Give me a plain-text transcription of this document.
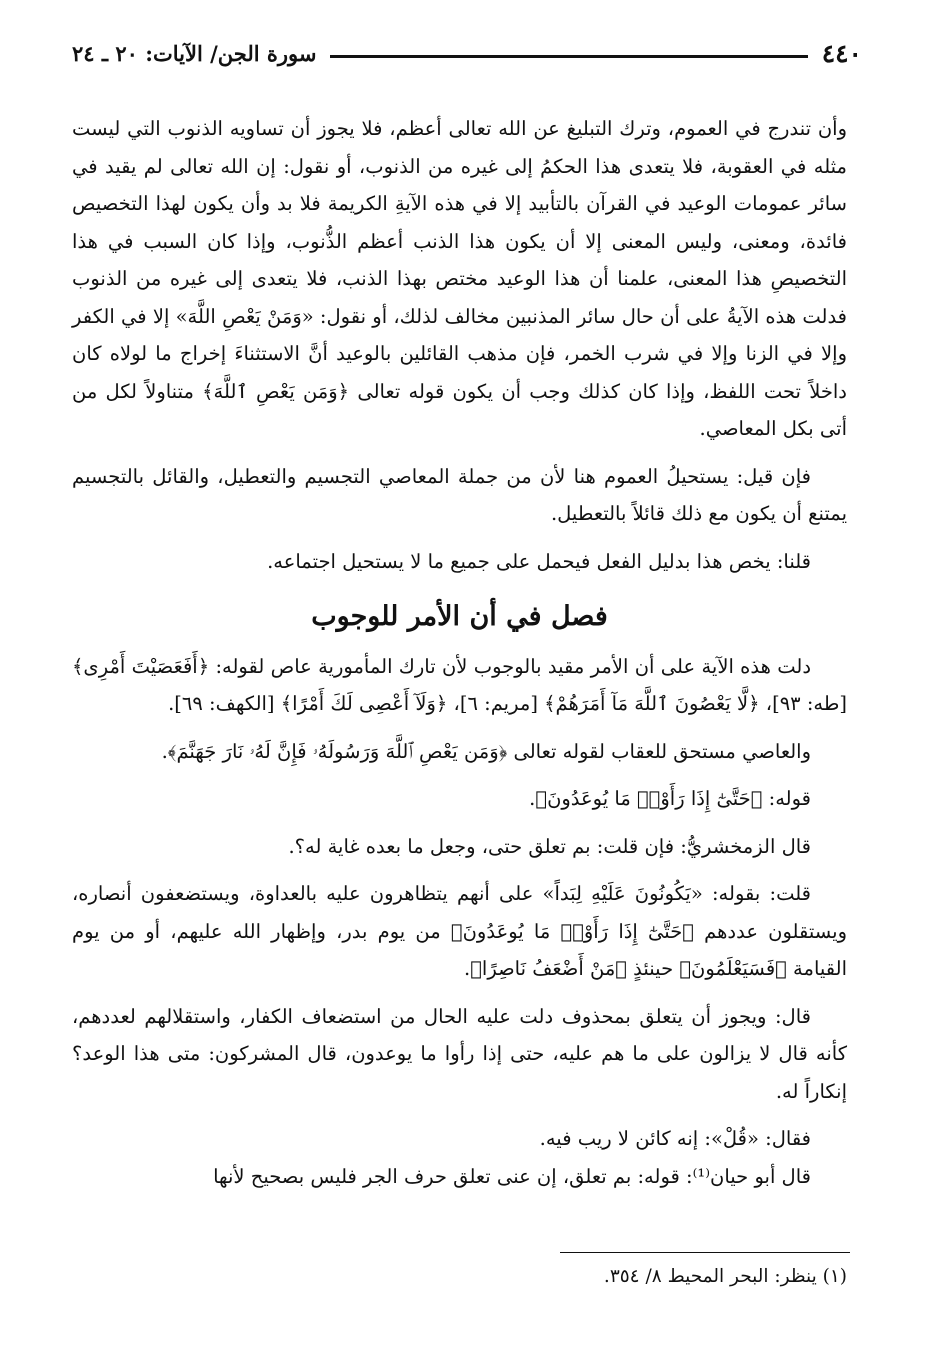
٤٤٠
سورة الجن/ الآيات: ٢٠ ـ ٢٤

وأن تندرج في العموم، وترك التبليغ عن الله تعالى أعظم، فلا يجوز أن تساويه الذنوب التي ليست مثله في العقوبة، فلا يتعدى هذا الحكمُ إلى غيره من الذنوب، أو نقول: إن الله تعالى لم يقيد في سائر عمومات الوعيد في القرآن بالتأبيد إلا في هذه الآيةِ الكريمة فلا بد وأن يكون لهذا التخصيص فائدة، ومعنى، وليس المعنى إلا أن يكون هذا الذنب أعظم الذُّنوب، وإذا كان السبب في هذا التخصيصِ هذا المعنى، علمنا أن هذا الوعيد مختص بهذا الذنب، فلا يتعدى إلى غيره من الذنوب فدلت هذه الآيةُ على أن حال سائر المذنبين مخالف لذلك، أو نقول: «وَمَنْ يَعْصِ اللَّهَ» إلا في الكفر وإلا في الزنا وإلا في شرب الخمر، فإن مذهب القائلين بالوعيد أنَّ الاستثناءَ إخراج ما لولاه كان داخلاً تحت اللفظ، وإذا كان كذلك وجب أن يكون قوله تعالى ﴿وَمَن يَعْصِ ٱللَّهَ﴾ متناولاً لكل من أتى بكل المعاصي.

فإن قيل: يستحيلُ العموم هنا لأن من جملة المعاصي التجسيم والتعطيل، والقائل بالتجسيم يمتنع أن يكون مع ذلك قائلاً بالتعطيل.

قلنا: يخص هذا بدليل الفعل فيحمل على جميع ما لا يستحيل اجتماعه.

فصل في أن الأمر للوجوب

دلت هذه الآية على أن الأمر مقيد بالوجوب لأن تارك المأمورية عاص لقوله: ﴿أَفَعَصَيْتَ أَمْرِى﴾ [طه: ٩٣]، ﴿لَّا يَعْصُونَ ٱللَّهَ مَآ أَمَرَهُمْ﴾ [مريم: ٦]، ﴿وَلَآ أَعْصِى لَكَ أَمْرًا﴾ [الكهف: ٦٩].

والعاصي مستحق للعقاب لقوله تعالى ﴿وَمَن يَعْصِ ٱللَّهَ وَرَسُولَهُۥ فَإِنَّ لَهُۥ نَارَ جَهَنَّمَ﴾.

قوله: ﴿حَتَّىٰٓ إِذَا رَأَوْا۟ مَا يُوعَدُونَ﴾.

قال الزمخشريُّ: فإن قلت: بم تعلق حتى، وجعل ما بعده غاية له؟.

قلت: بقوله: «يَكُونُونَ عَلَيْهِ لِبَداً» على أنهم يتظاهرون عليه بالعداوة، ويستضعفون أنصاره، ويستقلون عددهم ﴿حَتَّىٰٓ إِذَا رَأَوْا۟ مَا يُوعَدُونَ﴾ من يوم بدر، وإظهار الله عليهم، أو من يوم القيامة ﴿فَسَيَعْلَمُونَ﴾ حينئذٍ ﴿مَنْ أَضْعَفُ نَاصِرًا﴾.

قال: ويجوز أن يتعلق بمحذوف دلت عليه الحال من استضعاف الكفار، واستقلالهم لعددهم، كأنه قال لا يزالون على ما هم عليه، حتى إذا رأوا ما يوعدون، قال المشركون: متى هذا الوعد؟ إنكاراً له.

فقال: «قُلْ»: إنه كائن لا ريب فيه.

قال أبو حيان⁽¹⁾: قوله: بم تعلق، إن عنى تعلق حرف الجر فليس بصحيح لأنها

(١) ينظر: البحر المحيط ٨/ ٣٥٤.
